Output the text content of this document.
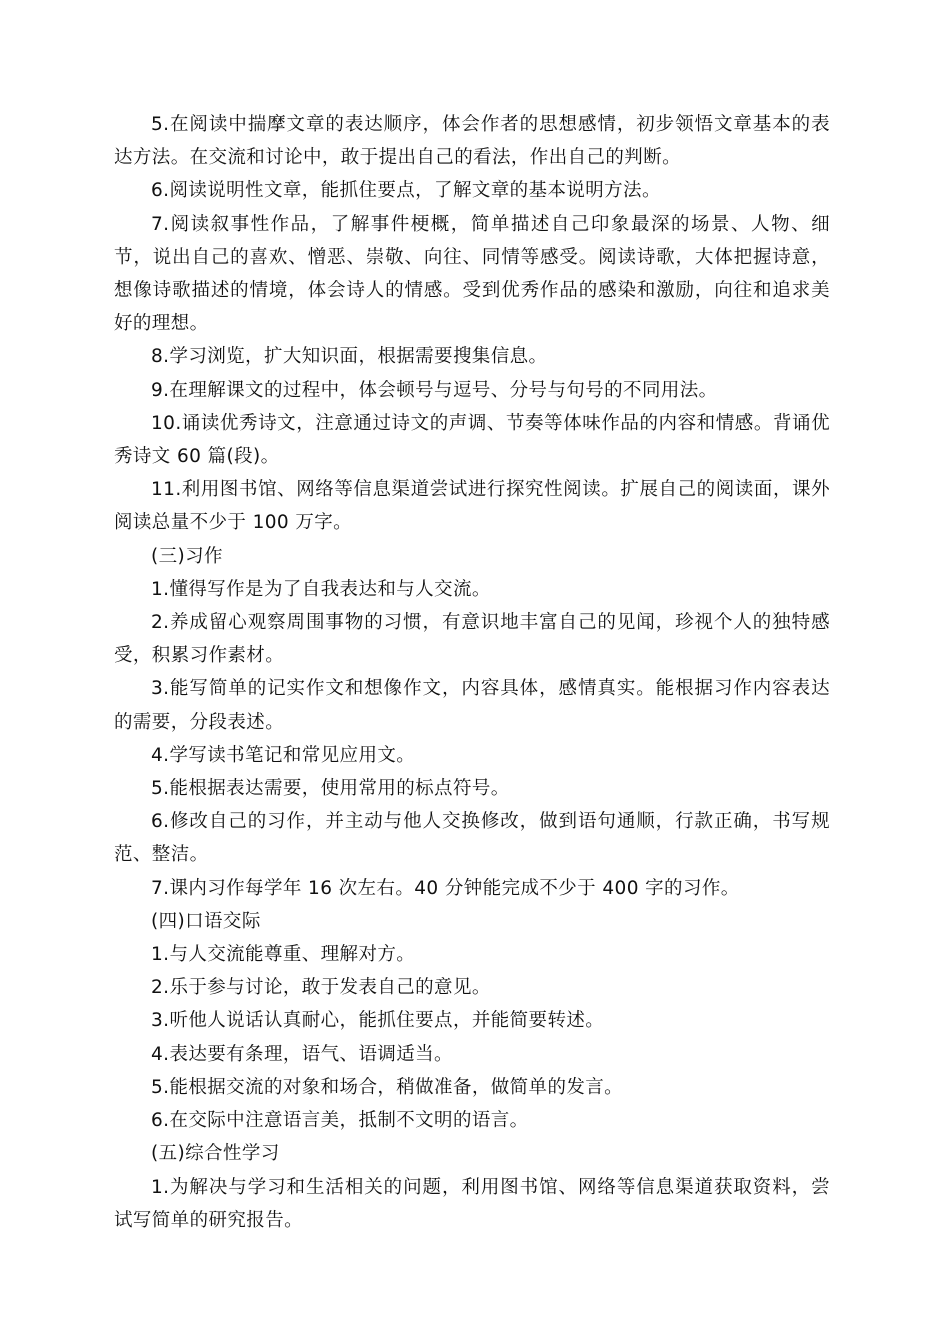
5.在阅读中揣摩文章的表达顺序，体会作者的思想感情，初步领悟文章基本的表达方法。在交流和讨论中，敢于提出自己的看法，作出自己的判断。

6.阅读说明性文章，能抓住要点，了解文章的基本说明方法。

7.阅读叙事性作品，了解事件梗概，简单描述自己印象最深的场景、人物、细节，说出自己的喜欢、憎恶、崇敬、向往、同情等感受。阅读诗歌，大体把握诗意，想像诗歌描述的情境，体会诗人的情感。受到优秀作品的感染和激励，向往和追求美好的理想。

8.学习浏览，扩大知识面，根据需要搜集信息。

9.在理解课文的过程中，体会顿号与逗号、分号与句号的不同用法。

10.诵读优秀诗文，注意通过诗文的声调、节奏等体味作品的内容和情感。背诵优秀诗文 60 篇(段)。

11.利用图书馆、网络等信息渠道尝试进行探究性阅读。扩展自己的阅读面，课外阅读总量不少于 100 万字。

(三)习作

1.懂得写作是为了自我表达和与人交流。

2.养成留心观察周围事物的习惯，有意识地丰富自己的见闻，珍视个人的独特感受，积累习作素材。

3.能写简单的记实作文和想像作文，内容具体，感情真实。能根据习作内容表达的需要，分段表述。

4.学写读书笔记和常见应用文。

5.能根据表达需要，使用常用的标点符号。

6.修改自己的习作，并主动与他人交换修改，做到语句通顺，行款正确，书写规范、整洁。

7.课内习作每学年 16 次左右。40 分钟能完成不少于 400 字的习作。

(四)口语交际

1.与人交流能尊重、理解对方。

2.乐于参与讨论，敢于发表自己的意见。

3.听他人说话认真耐心，能抓住要点，并能简要转述。

4.表达要有条理，语气、语调适当。

5.能根据交流的对象和场合，稍做准备，做简单的发言。

6.在交际中注意语言美，抵制不文明的语言。

(五)综合性学习

1.为解决与学习和生活相关的问题，利用图书馆、网络等信息渠道获取资料，尝试写简单的研究报告。
